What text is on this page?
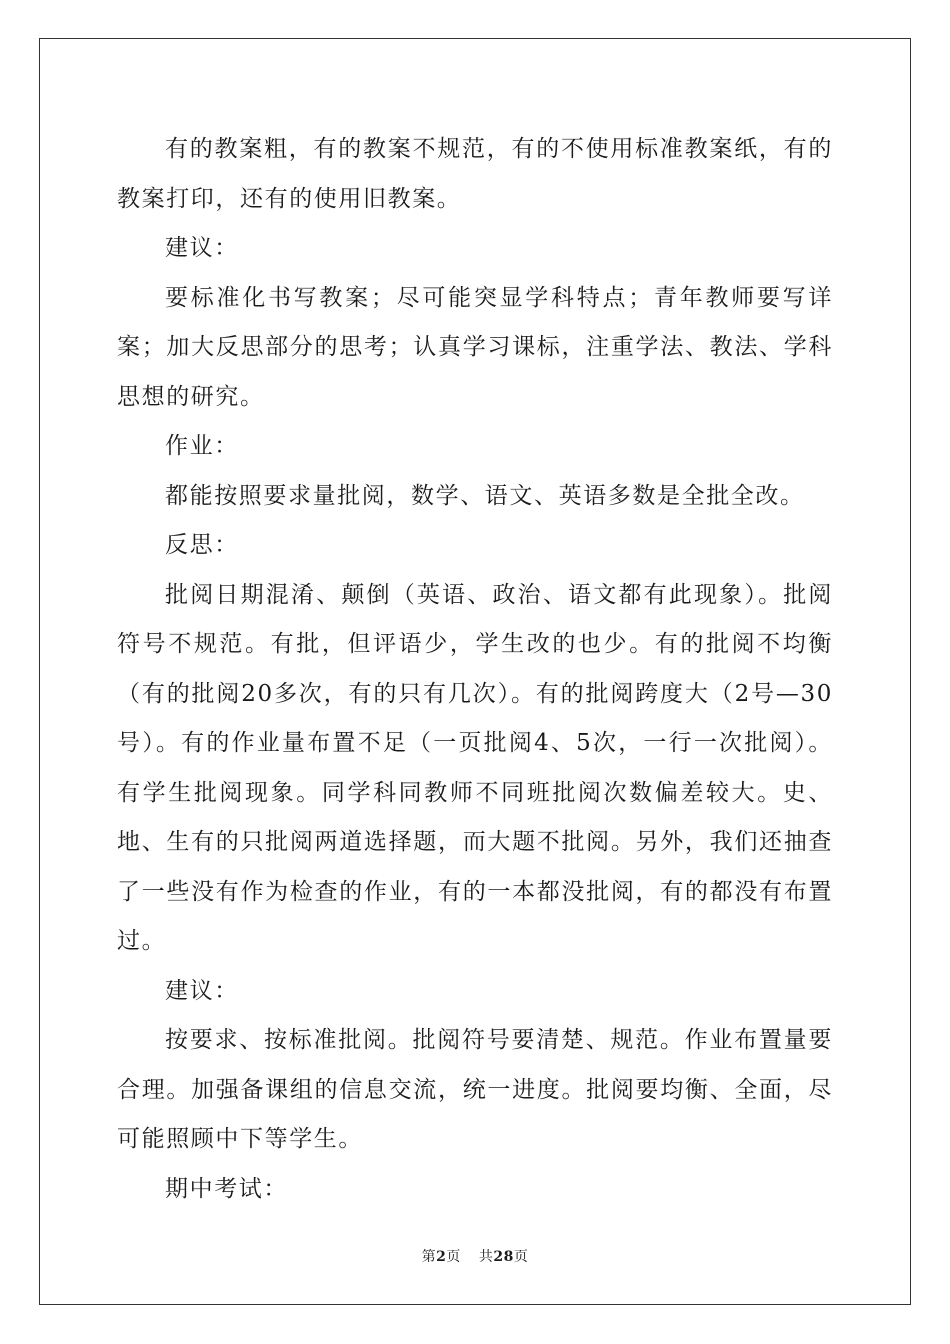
有的教案粗，有的教案不规范，有的不使用标准教案纸，有的教案打印，还有的使用旧教案。

建议：

要标准化书写教案；尽可能突显学科特点；青年教师要写详案；加大反思部分的思考；认真学习课标，注重学法、教法、学科思想的研究。

作业：

都能按照要求量批阅，数学、语文、英语多数是全批全改。

反思：

批阅日期混淆、颠倒（英语、政治、语文都有此现象）。批阅符号不规范。有批，但评语少，学生改的也少。有的批阅不均衡（有的批阅20多次，有的只有几次）。有的批阅跨度大（2号—30号）。有的作业量布置不足（一页批阅4、5次，一行一次批阅）。有学生批阅现象。同学科同教师不同班批阅次数偏差较大。史、地、生有的只批阅两道选择题，而大题不批阅。另外，我们还抽查了一些没有作为检查的作业，有的一本都没批阅，有的都没有布置过。

建议：

按要求、按标准批阅。批阅符号要清楚、规范。作业布置量要合理。加强备课组的信息交流，统一进度。批阅要均衡、全面，尽可能照顾中下等学生。

期中考试：

第2页 共28页
